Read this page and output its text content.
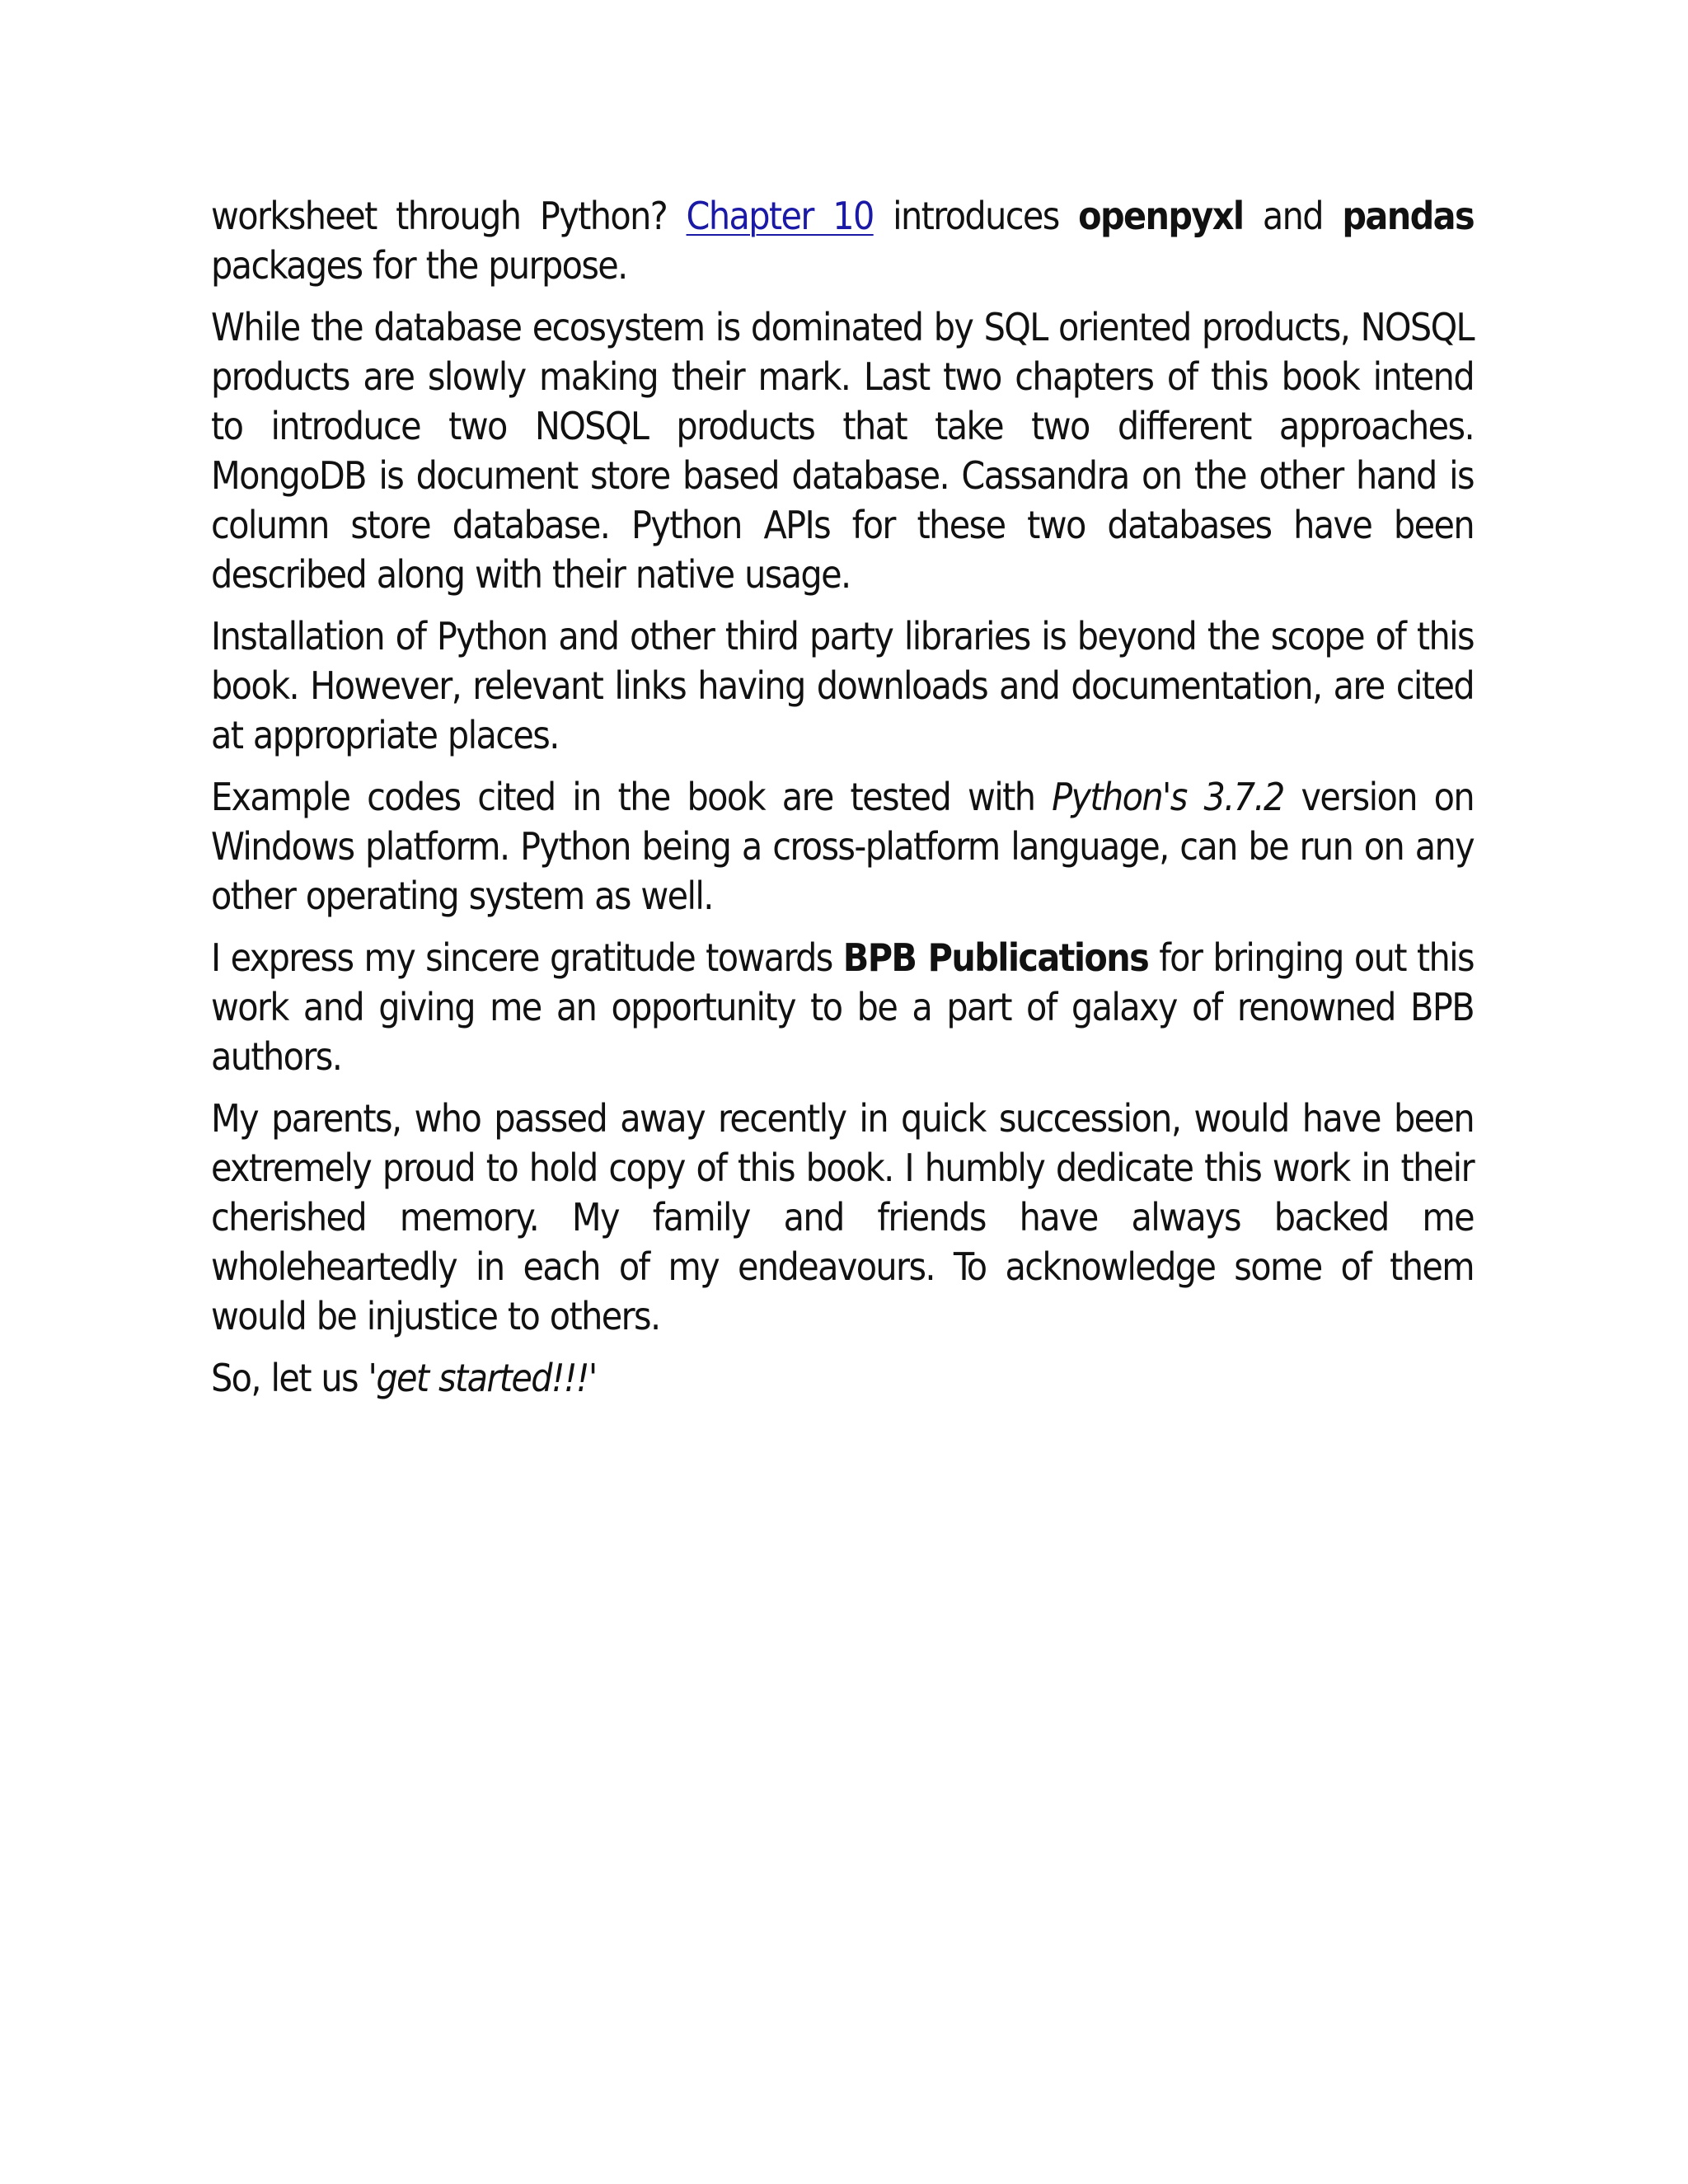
worksheet through Python? Chapter 10 introduces openpyxl and pandas packages for the purpose.

While the database ecosystem is dominated by SQL oriented products, NOSQL products are slowly making their mark. Last two chapters of this book intend to introduce two NOSQL products that take two different approaches. MongoDB is document store based database. Cassandra on the other hand is column store database. Python APIs for these two databases have been described along with their native usage.

Installation of Python and other third party libraries is beyond the scope of this book. However, relevant links having downloads and documentation, are cited at appropriate places.

Example codes cited in the book are tested with Python's 3.7.2 version on Windows platform. Python being a cross-platform language, can be run on any other operating system as well.

I express my sincere gratitude towards BPB Publications for bringing out this work and giving me an opportunity to be a part of galaxy of renowned BPB authors.

My parents, who passed away recently in quick succession, would have been extremely proud to hold copy of this book. I humbly dedicate this work in their cherished memory. My family and friends have always backed me wholeheartedly in each of my endeavours. To acknowledge some of them would be injustice to others.

So, let us 'get started!!!'
